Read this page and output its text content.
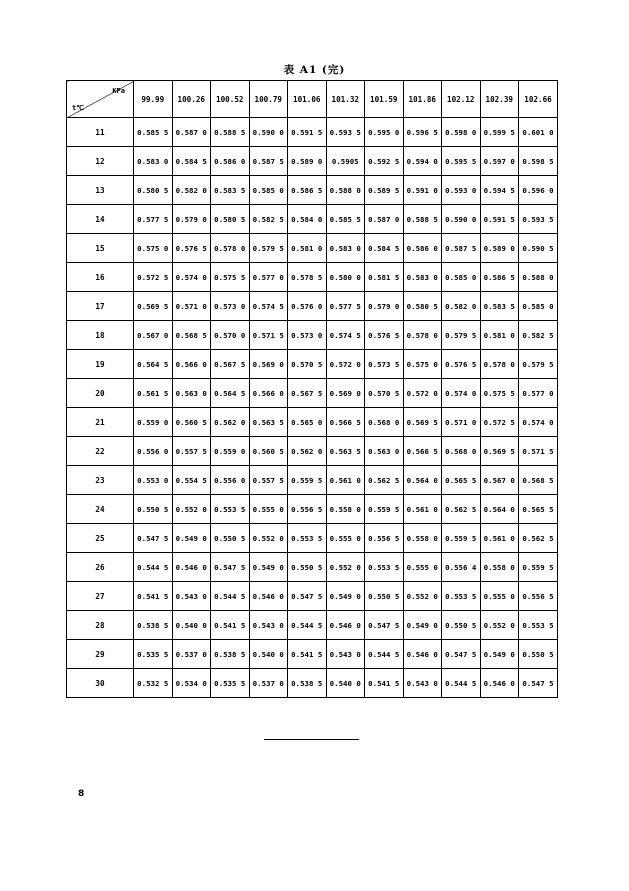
表 A1 (完)
KPa
t℃	99.99	100.26	100.52	100.79	101.06	101.32	101.59	101.86	102.12	102.39	102.66
11	0.585 5	0.587 0	0.588 5	0.590 0	0.591 5	0.593 5	0.595 0	0.596 5	0.598 0	0.599 5	0.601 0
12	0.583 0	0.584 5	0.586 0	0.587 5	0.589 0	0.5905	0.592 5	0.594 0	0.595 5	0.597 0	0.598 5
13	0.580 5	0.582 0	0.583 5	0.585 0	0.586 5	0.588 0	0.589 5	0.591 0	0.593 0	0.594 5	0.596 0
14	0.577 5	0.579 0	0.580 5	0.582 5	0.584 0	0.585 5	0.587 0	0.588 5	0.590 0	0.591 5	0.593 5
15	0.575 0	0.576 5	0.578 0	0.579 5	0.581 0	0.583 0	0.584 5	0.586 0	0.587 5	0.589 0	0.590 5
16	0.572 5	0.574 0	0.575 5	0.577 0	0.578 5	0.580 0	0.581 5	0.583 0	0.585 0	0.586 5	0.588 0
17	0.569 5	0.571 0	0.573 0	0.574 5	0.576 0	0.577 5	0.579 0	0.580 5	0.582 0	0.583 5	0.585 0
18	0.567 0	0.568 5	0.570 0	0.571 5	0.573 0	0.574 5	0.576 5	0.578 0	0.579 5	0.581 0	0.582 5
19	0.564 5	0.566 0	0.567 5	0.569 0	0.570 5	0.572 0	0.573 5	0.575 0	0.576 5	0.578 0	0.579 5
20	0.561 5	0.563 0	0.564 5	0.566 0	0.567 5	0.569 0	0.570 5	0.572 0	0.574 0	0.575 5	0.577 0
21	0.559 0	0.560 5	0.562 0	0.563 5	0.565 0	0.566 5	0.568 0	0.569 5	0.571 0	0.572 5	0.574 0
22	0.556 0	0.557 5	0.559 0	0.560 5	0.562 0	0.563 5	0.563 0	0.566 5	0.568 0	0.569 5	0.571 5
23	0.553 0	0.554 5	0.556 0	0.557 5	0.559 5	0.561 0	0.562 5	0.564 0	0.565 5	0.567 0	0.568 5
24	0.550 5	0.552 0	0.553 5	0.555 0	0.556 5	0.558 0	0.559 5	0.561 0	0.562 5	0.564 0	0.565 5
25	0.547 5	0.549 0	0.550 5	0.552 0	0.553 5	0.555 0	0.556 5	0.558 0	0.559 5	0.561 0	0.562 5
26	0.544 5	0.546 0	0.547 5	0.549 0	0.550 5	0.552 0	0.553 5	0.555 0	0.556 4	0.558 0	0.559 5
27	0.541 5	0.543 0	0.544 5	0.546 0	0.547 5	0.549 0	0.550 5	0.552 0	0.553 5	0.555 0	0.556 5
28	0.538 5	0.540 0	0.541 5	0.543 0	0.544 5	0.546 0	0.547 5	0.549 0	0.550 5	0.552 0	0.553 5
29	0.535 5	0.537 0	0.538 5	0.540 0	0.541 5	0.543 0	0.544 5	0.546 0	0.547 5	0.549 0	0.550 5
30	0.532 5	0.534 0	0.535 5	0.537 0	0.538 5	0.540 0	0.541 5	0.543 0	0.544 5	0.546 0	0.547 5
8
